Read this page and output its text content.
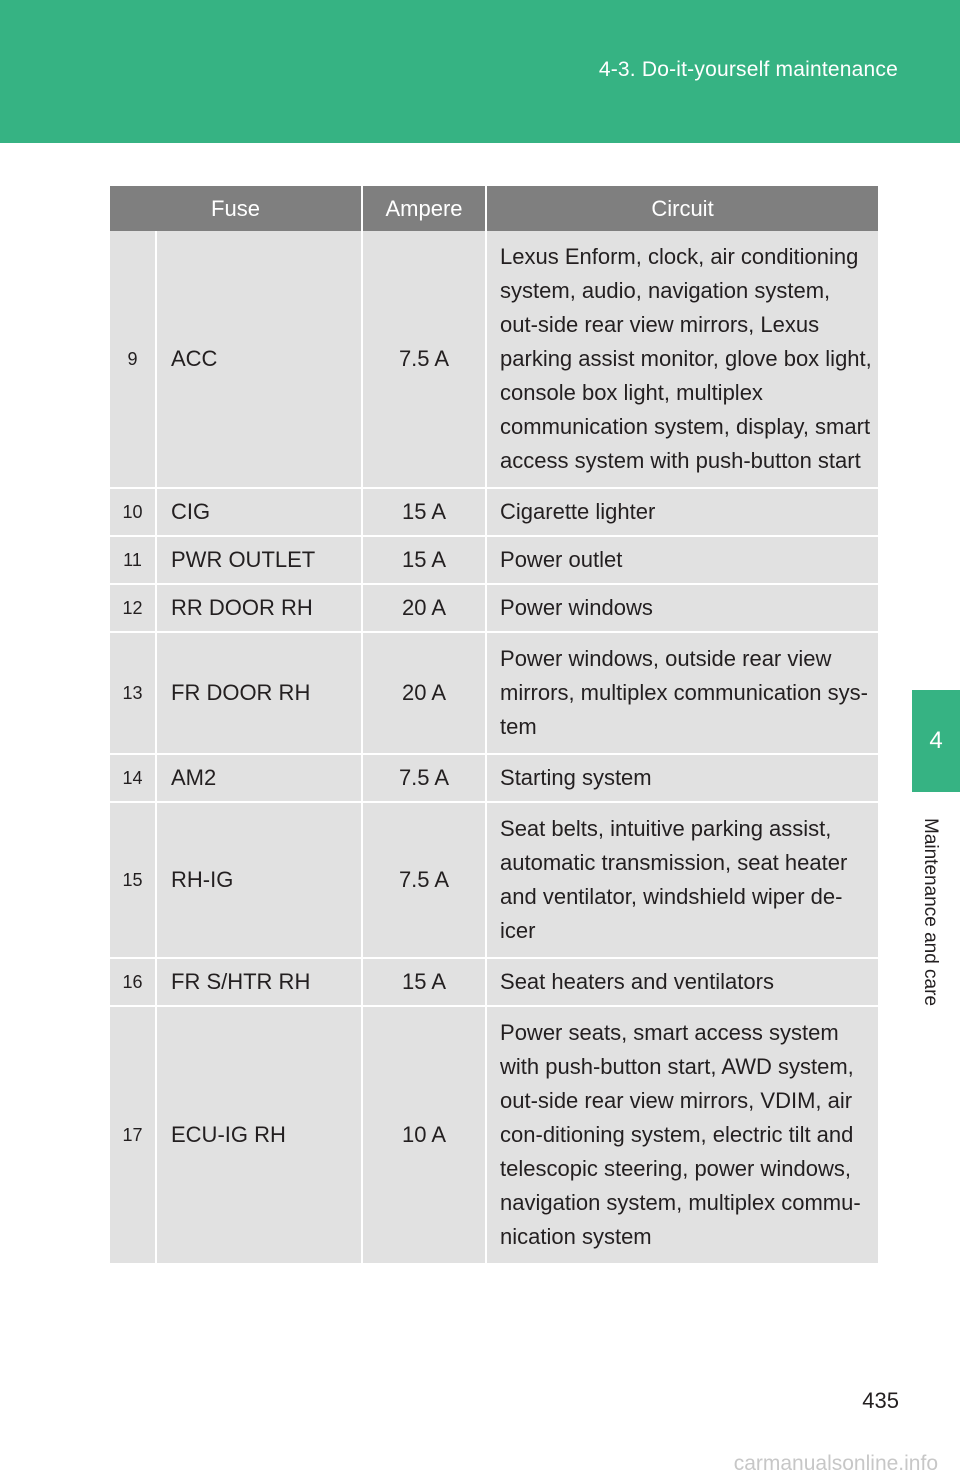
4-3. Do-it-yourself maintenance
4
Maintenance and care
Fuse		Ampere	Circuit
9	ACC	7.5 A	Lexus Enform, clock, air conditioning system, audio, navigation system, out-side rear view mirrors, Lexus parking assist monitor, glove box light, console box light, multiplex communication system, display, smart access system with push-button start
10	CIG	15 A	Cigarette lighter
11	PWR OUTLET	15 A	Power outlet
12	RR DOOR RH	20 A	Power windows
13	FR DOOR RH	20 A	Power windows, outside rear view mirrors, multiplex communication sys-tem
14	AM2	7.5 A	Starting system
15	RH-IG	7.5 A	Seat belts, intuitive parking assist, automatic transmission, seat heater and ventilator, windshield wiper de-icer
16	FR S/HTR RH	15 A	Seat heaters and ventilators
17	ECU-IG RH	10 A	Power seats, smart access system with push-button start, AWD system, out-side rear view mirrors, VDIM, air con-ditioning system, electric tilt and telescopic steering, power windows, navigation system, multiplex commu-nication system
435
carmanualsonline.info
